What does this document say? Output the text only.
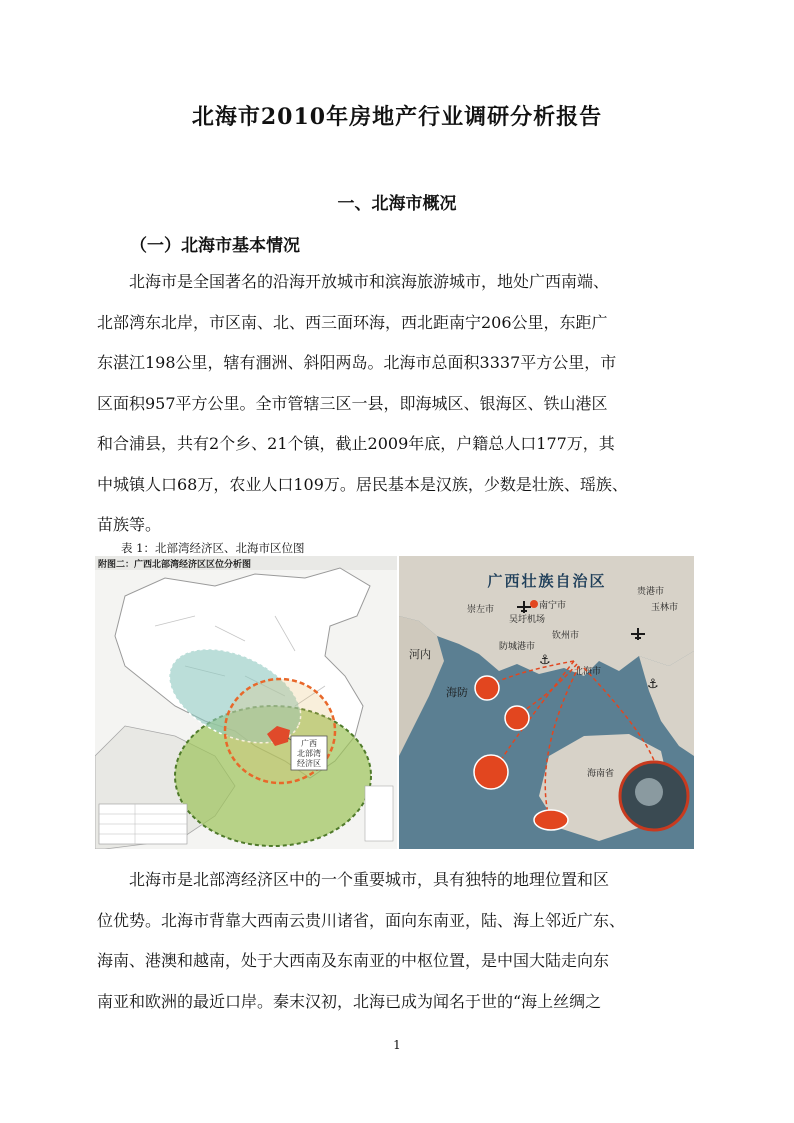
北海市2010年房地产行业调研分析报告
一、北海市概况
（一）北海市基本情况
　　北海市是全国著名的沿海开放城市和滨海旅游城市，地处广西南端、
北部湾东北岸，市区南、北、西三面环海，西北距南宁206公里，东距广
东湛江198公里，辖有涠洲、斜阳两岛。北海市总面积3337平方公里，市
区面积957平方公里。全市管辖三区一县，即海城区、银海区、铁山港区
和合浦县，共有2个乡、21个镇，截止2009年底，户籍总人口177万，其
中城镇人口68万，农业人口109万。居民基本是汉族，少数是壮族、瑶族、
苗族等。
表 1：北部湾经济区、北海市区位图
附图二：广西北部湾经济区区位分析图
广西
北部湾
经济区
广西壮族自治区
南宁市
吴圩机场
崇左市
贵港市
玉林市
钦州市
防城港市
北海市
河内
海防
海南省
⚓
⚓
　　北海市是北部湾经济区中的一个重要城市，具有独特的地理位置和区
位优势。北海市背靠大西南云贵川诸省，面向东南亚，陆、海上邻近广东、
海南、港澳和越南，处于大西南及东南亚的中枢位置，是中国大陆走向东
南亚和欧洲的最近口岸。秦末汉初，北海已成为闻名于世的“海上丝绸之
1
